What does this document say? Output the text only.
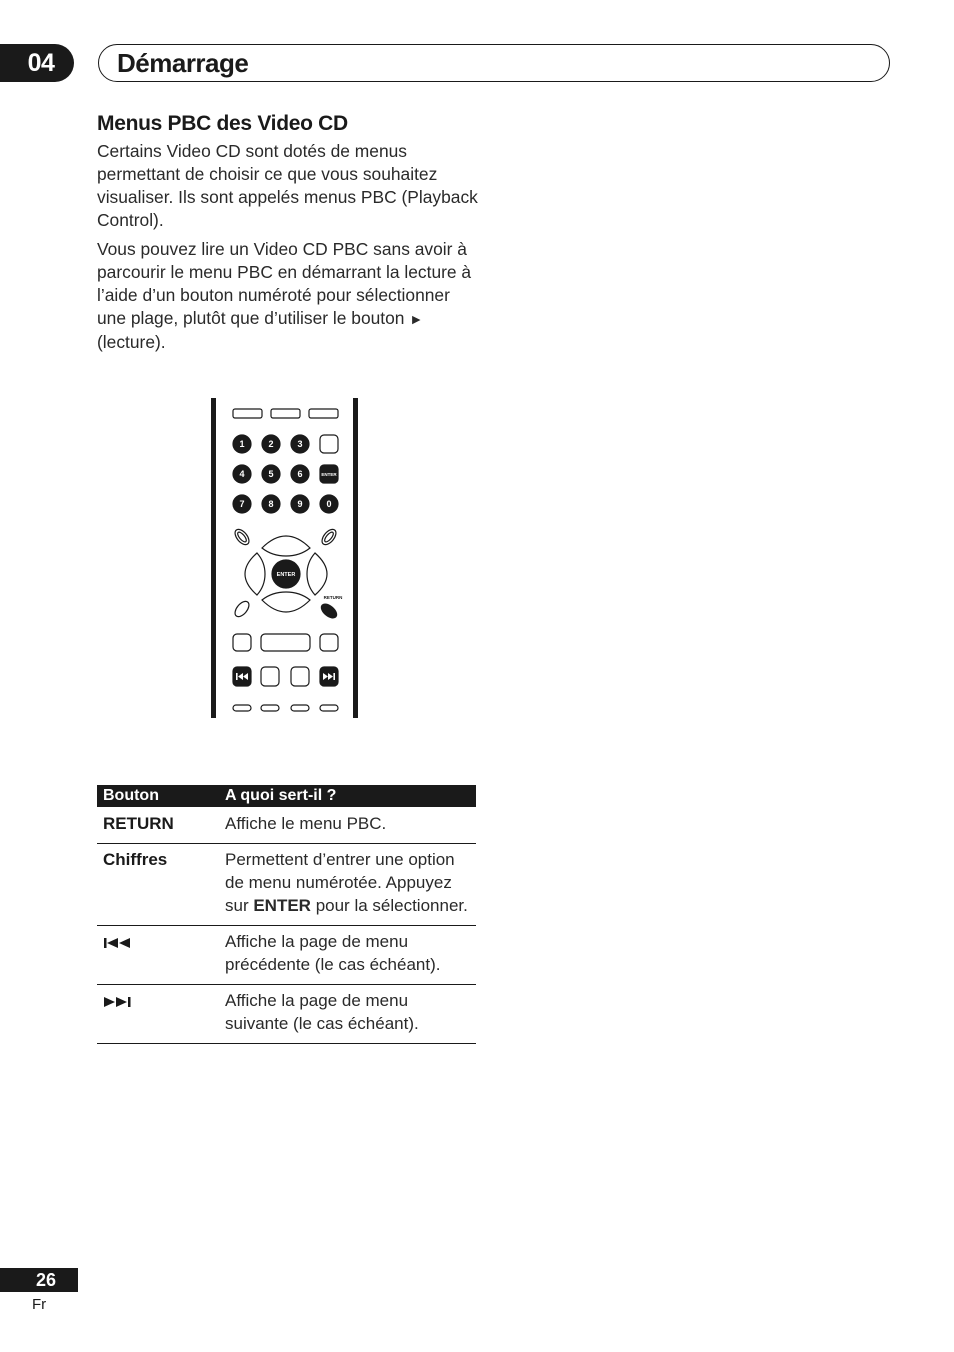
04	Démarrage
Menus PBC des Video CD

Certains Video CD sont dotés de menus permettant de choisir ce que vous souhaitez visualiser. Ils sont appelés menus PBC (Playback Control).

Vous pouvez lire un Video CD PBC sans avoir à parcourir le menu PBC en démarrant la lecture à l’aide d’un bouton numéroté pour sélectionner une plage, plutôt que d’utiliser le bouton ► (lecture).

1	2	3
4	5	6
7	8	9	0
ENTER
ENTER
RETURN
Bouton	A quoi sert-il ?
RETURN	Affiche le menu PBC.
Chiffres	Permettent d’entrer une option de menu numérotée. Appuyez sur ENTER pour la sélectionner.
	Affiche la page de menu précédente (le cas échéant).
	Affiche la page de menu suivante (le cas échéant).
26
Fr
